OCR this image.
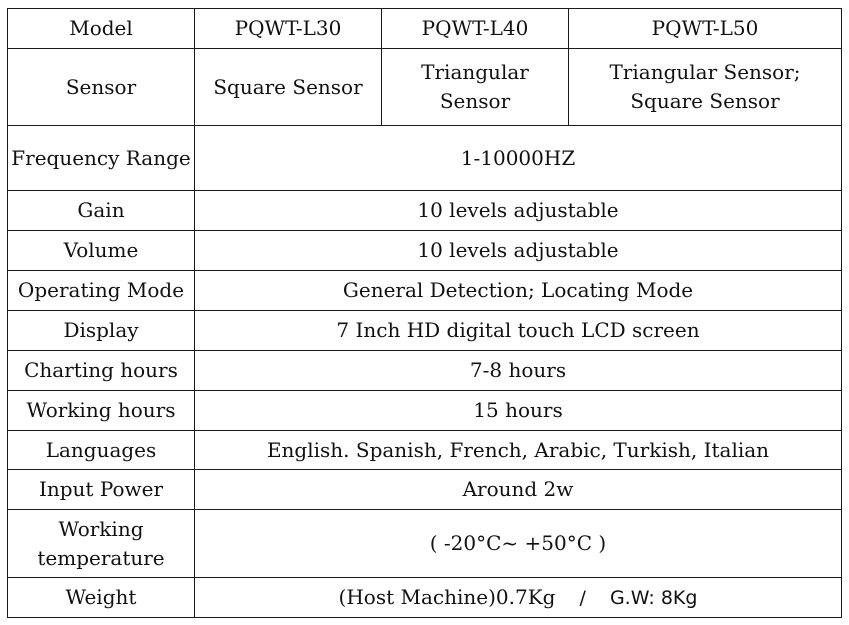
Model	PQWT-L30	PQWT-L40	PQWT-L50
Sensor	Square Sensor	Triangular Sensor	Triangular Sensor; Square Sensor
Frequency Range	1-10000HZ		
Gain	10 levels adjustable		
Volume	10 levels adjustable		
Operating Mode	General Detection; Locating Mode		
Display	7 Inch HD digital touch LCD screen		
Charting hours	7-8 hours		
Working hours	15 hours		
Languages	English. Spanish, French, Arabic, Turkish, Italian		
Input Power	Around 2w		
Working temperature	( -20°C~ +50°C )		
Weight	(Host Machine)0.7Kg / G.W: 8Kg		
